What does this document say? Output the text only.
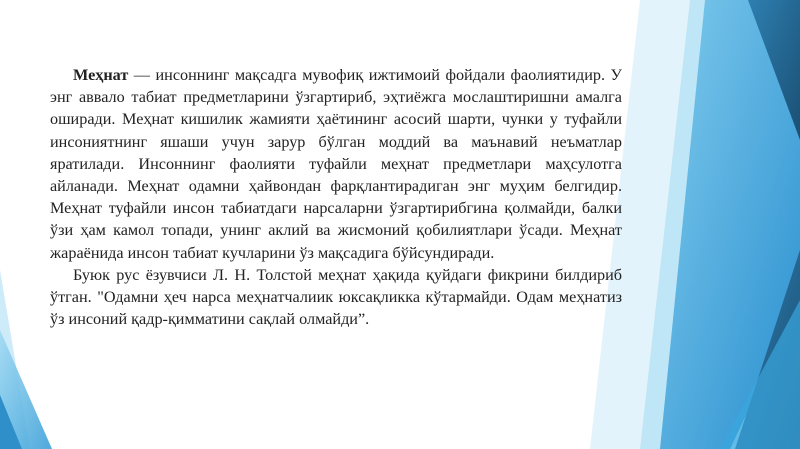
Меҳнат — инсоннинг мақсадга мувофиқ ижтимоий фойдали фаолиятидир. У энг аввало табиат предметларини ўзгартириб, эҳтиёжга мослаштиришни амалга оширади. Меҳнат кишилик жамияти ҳаётининг асосий шарти, чунки у туфайли инсониятнинг яшаши учун зарур бўлган моддий ва маънавий неъматлар яратилади. Инсоннинг фаолияти туфайли меҳнат предметлари маҳсулотга айланади. Меҳнат одамни ҳайвондан фарқлантирадиган энг муҳим белгидир. Меҳнат туфайли инсон табиатдаги нарсаларни ўзгартирибгина қолмайди, балки ўзи ҳам камол топади, унинг аклий ва жисмоний қобилиятлари ўсади. Меҳнат жараёнида инсон табиат кучларини ўз мақсадига бўйсундиради.

Буюк рус ёзувчиси Л. Н. Толстой меҳнат ҳақида қуйдаги фикрини билдириб ўтган. "Одамни ҳеч нарса меҳнатчалиик юксақликка кўтармайди. Одам меҳнатиз ўз инсоний қадр-қимматини сақлай олмайди”.
